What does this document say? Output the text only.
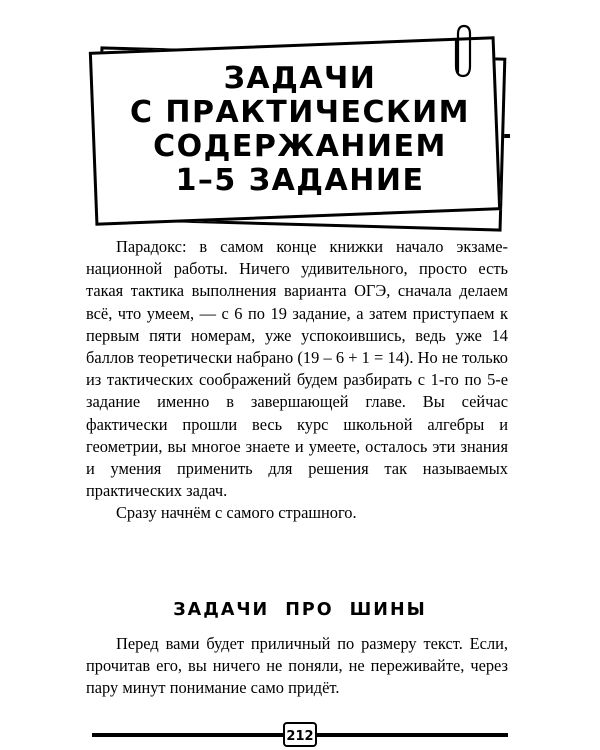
ЗАДАЧИ
С ПРАКТИЧЕСКИМ
СОДЕРЖАНИЕМ
1–5 ЗАДАНИЕ

Парадокс: в самом конце книжки начало экзаменационной работы. Ничего удивительного, просто есть такая тактика выполнения варианта ОГЭ, сначала делаем всё, что умеем, — с 6 по 19 задание, а затем приступаем к первым пяти номерам, уже успокоившись, ведь уже 14 баллов теоретически набрано (19 – 6 + 1 = 14). Но не только из тактических соображений будем разбирать с 1-го по 5-е задание именно в завершающей главе. Вы сейчас фактически прошли весь курс школьной алгебры и геометрии, вы многое знаете и умеете, осталось эти знания и умения применить для решения так называемых практических задач.

Сразу начнём с самого страшного.

ЗАДАЧИ ПРО ШИНЫ

Перед вами будет приличный по размеру текст. Если, прочитав его, вы ничего не поняли, не переживайте, через пару минут понимание само придёт.

212
